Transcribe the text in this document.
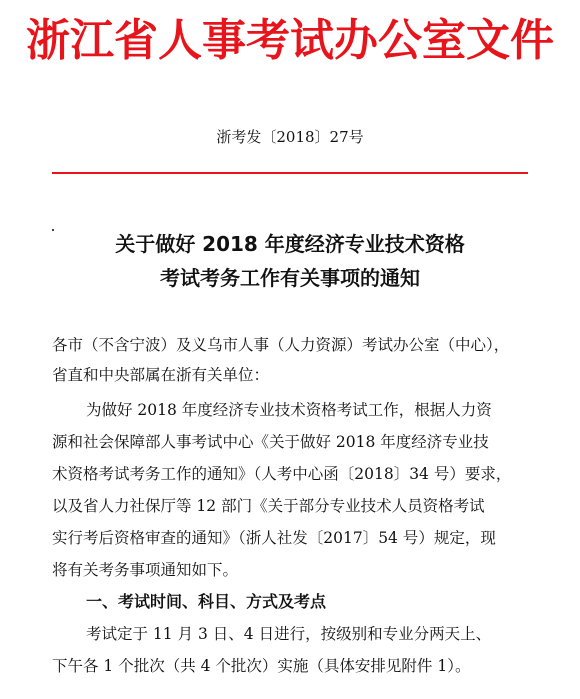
浙江省人事考试办公室文件
浙考发〔2018〕27号
关于做好 2018 年度经济专业技术资格
考试考务工作有关事项的通知
各市（不含宁波）及义乌市人事（人力资源）考试办公室（中心），
省直和中央部属在浙有关单位：
为做好 2018 年度经济专业技术资格考试工作，根据人力资
源和社会保障部人事考试中心《关于做好 2018 年度经济专业技
术资格考试考务工作的通知》（人考中心函〔2018〕34 号）要求，
以及省人力社保厅等 12 部门《关于部分专业技术人员资格考试
实行考后资格审查的通知》（浙人社发〔2017〕54 号）规定，现
将有关考务事项通知如下。
一、考试时间、科目、方式及考点
考试定于 11 月 3 日、4 日进行，按级别和专业分两天上、
下午各 1 个批次（共 4 个批次）实施（具体安排见附件 1）。
